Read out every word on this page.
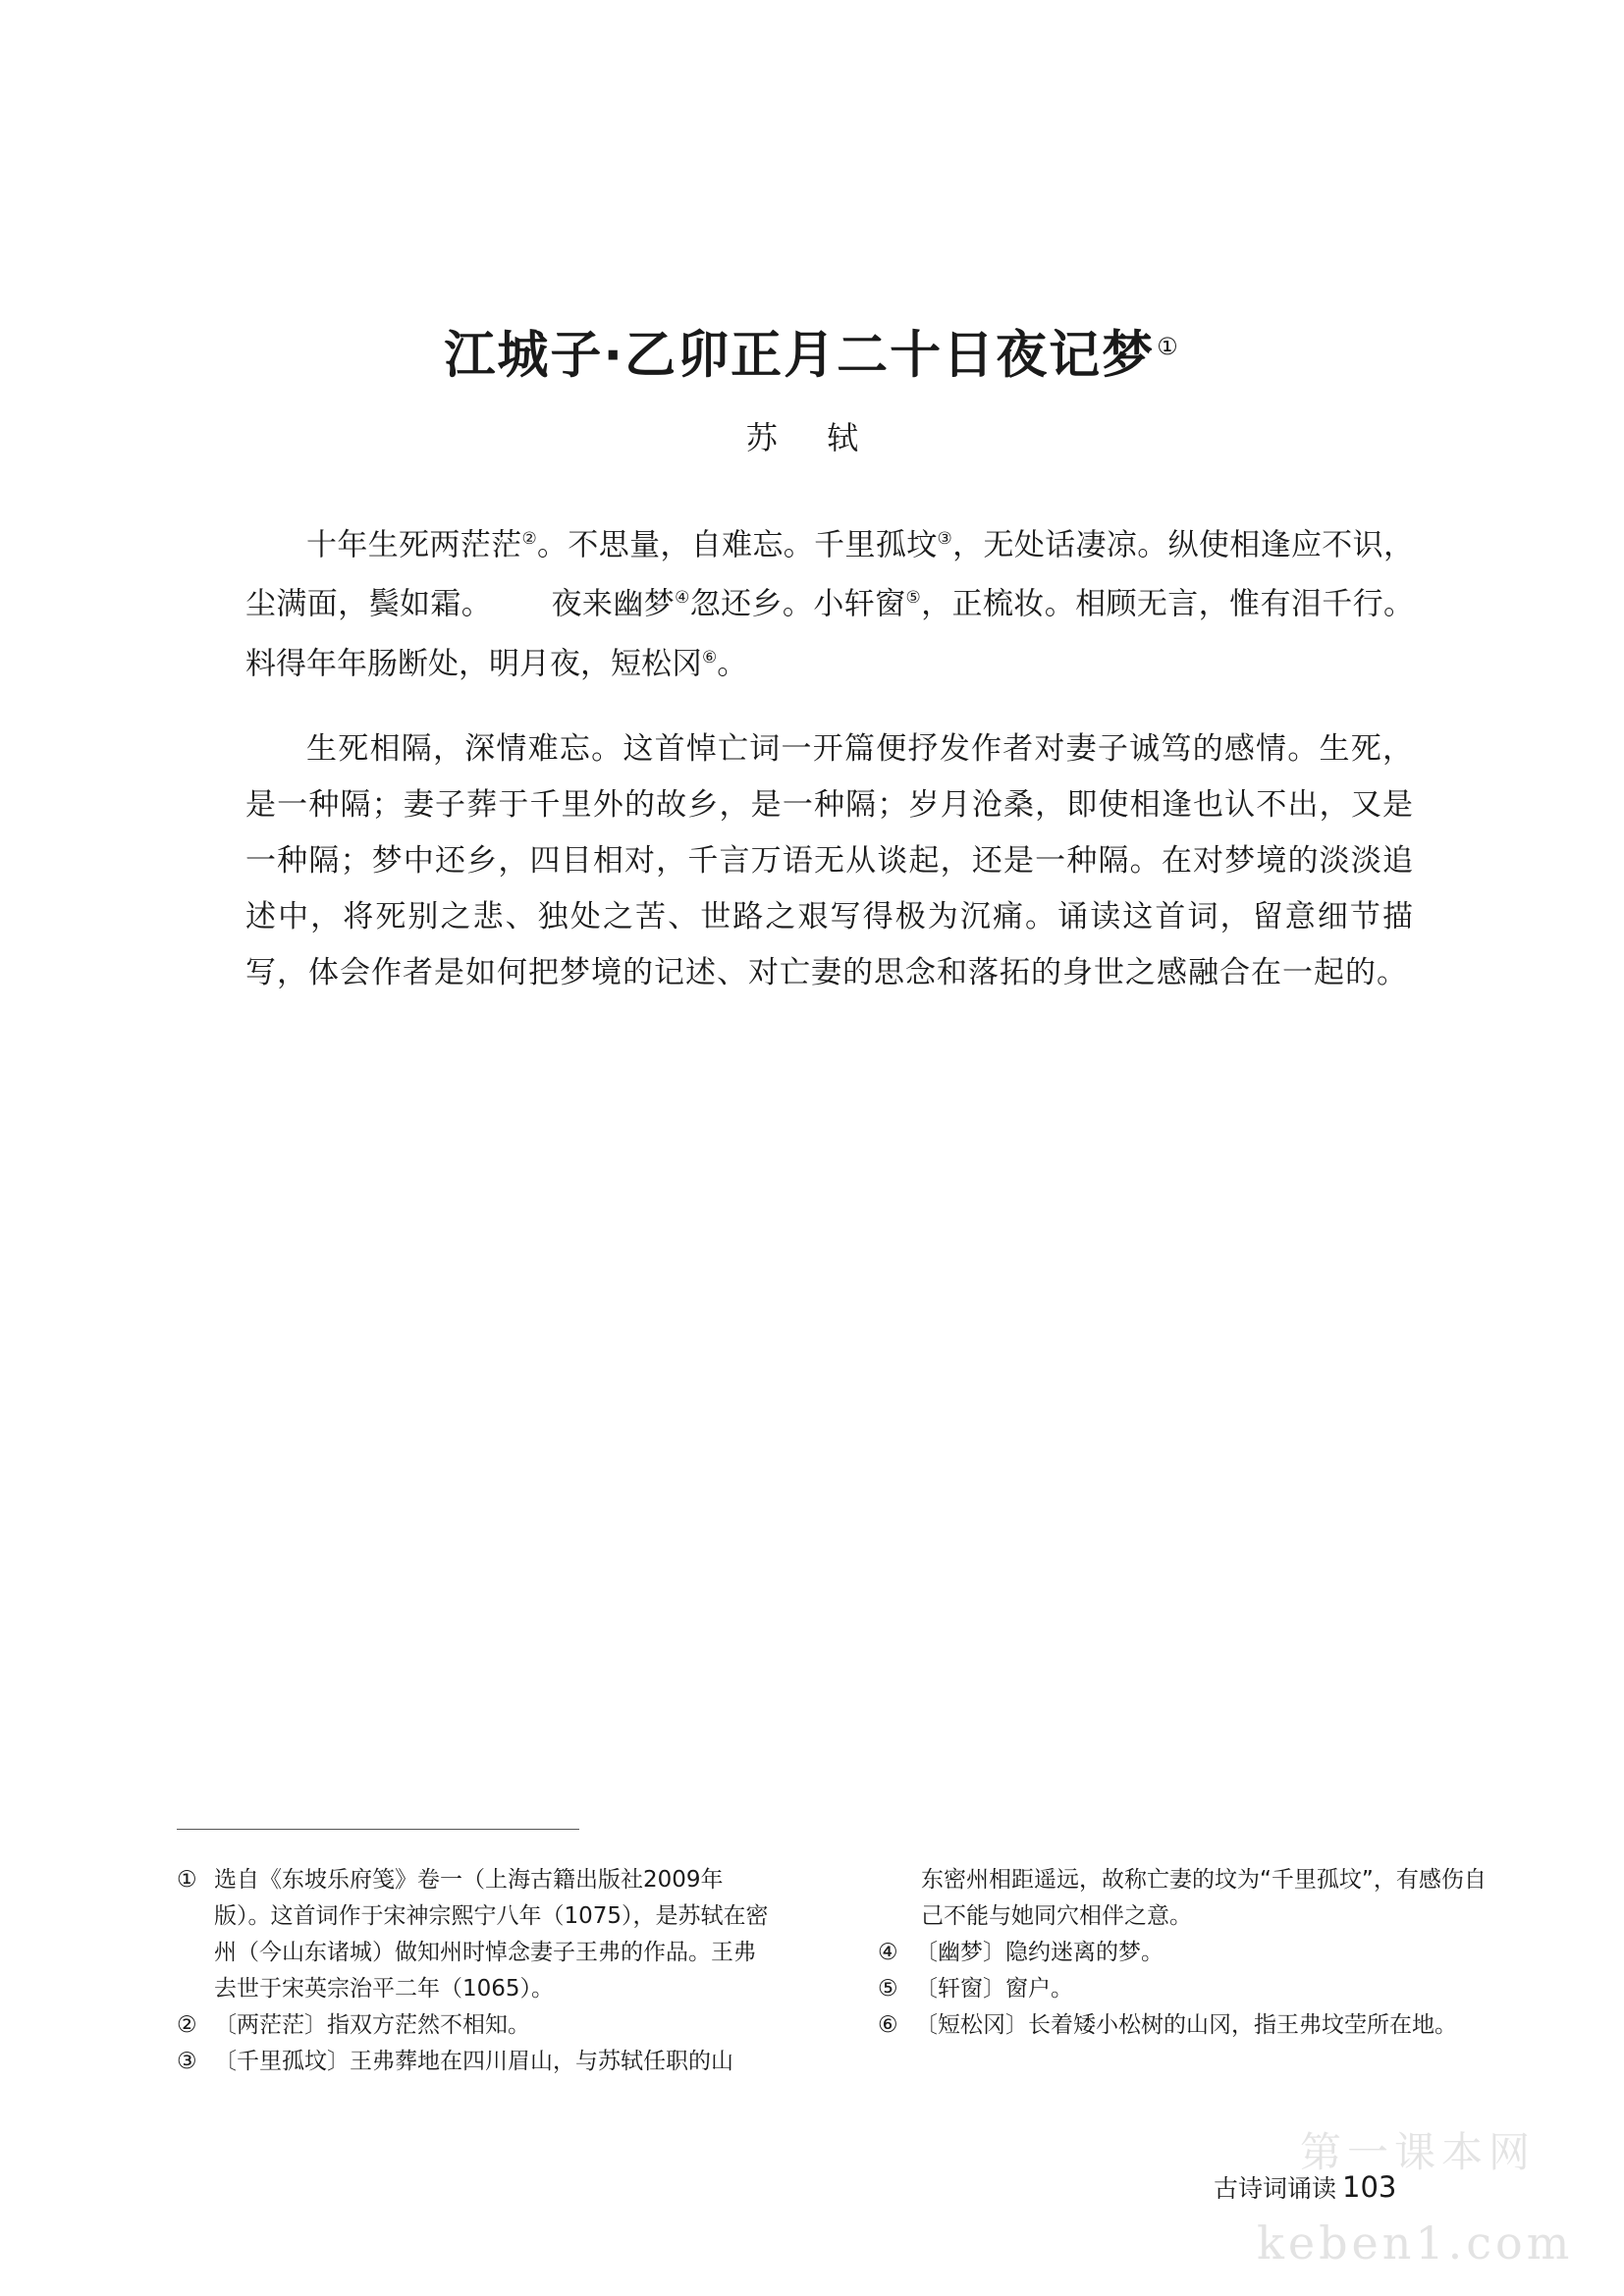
江城子·乙卯正月二十日夜记梦①
苏 轼

十年生死两茫茫②。不思量，自难忘。千里孤坟③，无处话凄凉。纵使相逢应不识，尘满面，鬓如霜。 夜来幽梦④忽还乡。小轩窗⑤，正梳妆。相顾无言，惟有泪千行。料得年年肠断处，明月夜，短松冈⑥。

生死相隔，深情难忘。这首悼亡词一开篇便抒发作者对妻子诚笃的感情。生死，是一种隔；妻子葬于千里外的故乡，是一种隔；岁月沧桑，即使相逢也认不出，又是一种隔；梦中还乡，四目相对，千言万语无从谈起，还是一种隔。在对梦境的淡淡追述中，将死别之悲、独处之苦、世路之艰写得极为沉痛。诵读这首词，留意细节描写，体会作者是如何把梦境的记述、对亡妻的思念和落拓的身世之感融合在一起的。

① 选自《东坡乐府笺》卷一（上海古籍出版社2009年版）。这首词作于宋神宗熙宁八年（1075），是苏轼在密州（今山东诸城）做知州时悼念妻子王弗的作品。王弗去世于宋英宗治平二年（1065）。
② 〔两茫茫〕指双方茫然不相知。
③ 〔千里孤坟〕王弗葬地在四川眉山，与苏轼任职的山
东密州相距遥远，故称亡妻的坟为“千里孤坟”，有感伤自己不能与她同穴相伴之意。
④ 〔幽梦〕隐约迷离的梦。
⑤ 〔轩窗〕窗户。
⑥ 〔短松冈〕长着矮小松树的山冈，指王弗坟茔所在地。
第一课本网
keben1.com
古诗词诵读 103
